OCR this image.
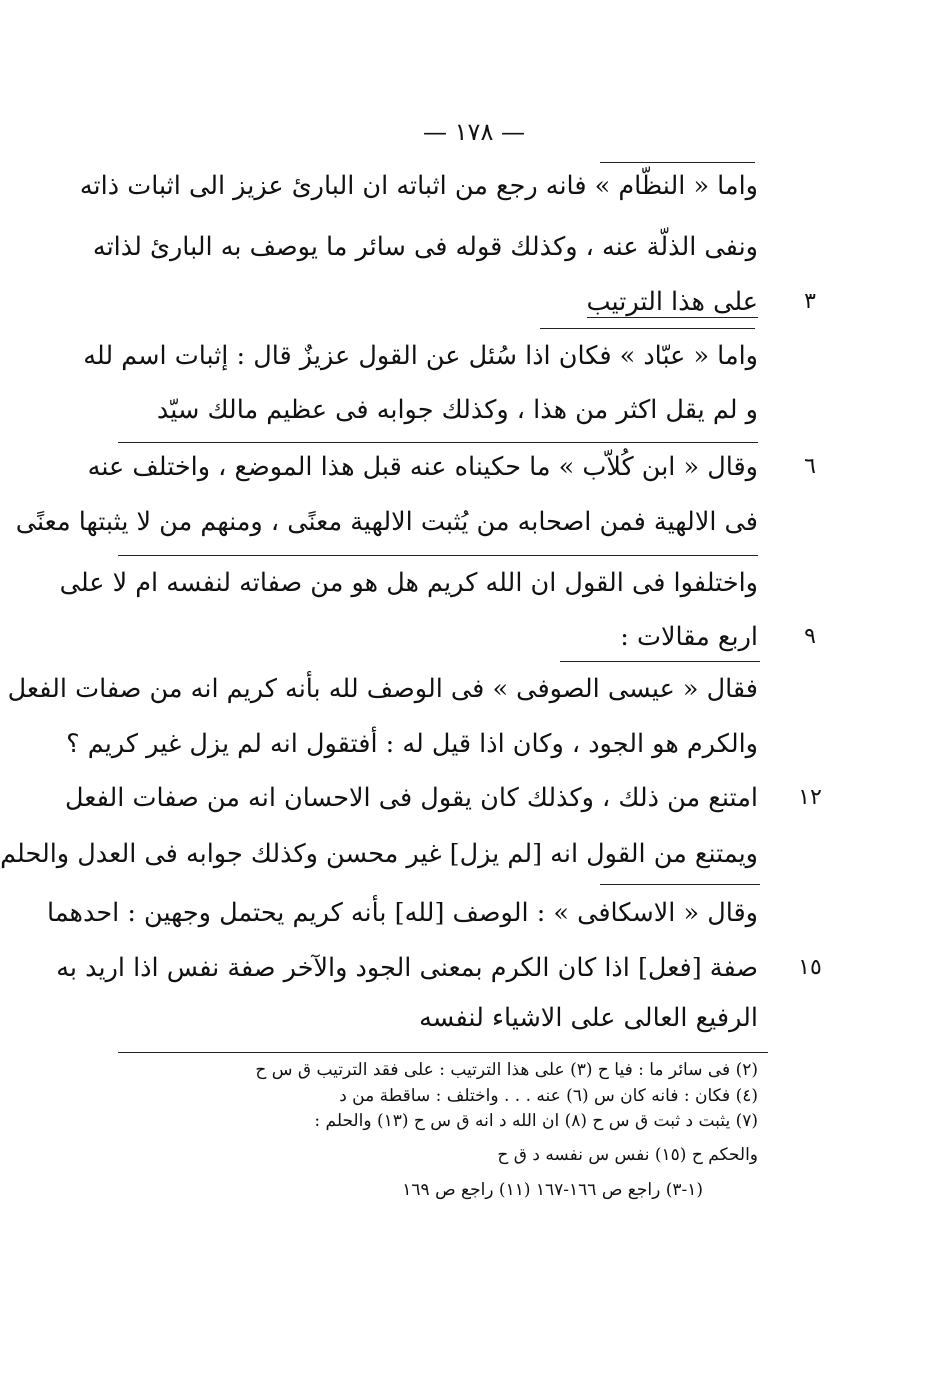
— ١٧٨ —
واما « النظّام » فانه رجع من اثباته ان البارئ عزيز الى اثبات ذاته
ونفى الذلّة عنه ، وكذلك قوله فى سائر ما يوصف به البارئ لذاته
على هذا الترتيب
واما « عبّاد » فكان اذا سُئل عن القول عزيزٌ قال : إثبات اسم لله
و لم يقل اكثر من هذا ، وكذلك جوابه فى عظيم مالك سيّد
وقال « ابن كُلاّب » ما حكيناه عنه قبل هذا الموضع ، واختلف عنه
فى الالهية فمن اصحابه من يُثبت الالهية معنًى ، ومنهم من لا يثبتها معنًى
واختلفوا فى القول ان الله كريم هل هو من صفاته لنفسه ام لا على
اربع مقالات :
فقال « عيسى الصوفى » فى الوصف لله بأنه كريم انه من صفات الفعل
والكرم هو الجود ، وكان اذا قيل له : أفتقول انه لم يزل غير كريم ؟
امتنع من ذلك ، وكذلك كان يقول فى الاحسان انه من صفات الفعل
ويمتنع من القول انه [لم يزل] غير محسن وكذلك جوابه فى العدل والحلم
وقال « الاسكافى » : الوصف [لله] بأنه كريم يحتمل وجهين : احدهما
صفة [فعل] اذا كان الكرم بمعنى الجود والآخر صفة نفس اذا اريد به
الرفيع العالى على الاشياء لنفسه
٣
٦
٩
١٢
١٥
(٢) فى سائر ما : فيا ح (٣) على هذا الترتيب : على فقد الترتيب ق س ح
(٤) فكان : فانه كان س (٦) عنه . . . واختلف : ساقطة من د
(٧) يثبت د ثبت ق س ح (٨) ان الله د انه ق س ح (١٣) والحلم :
والحكم ح (١٥) نفس س نفسه د ق ح
(١-٣) راجع ص ١٦٦-١٦٧ (١١) راجع ص ١٦٩
